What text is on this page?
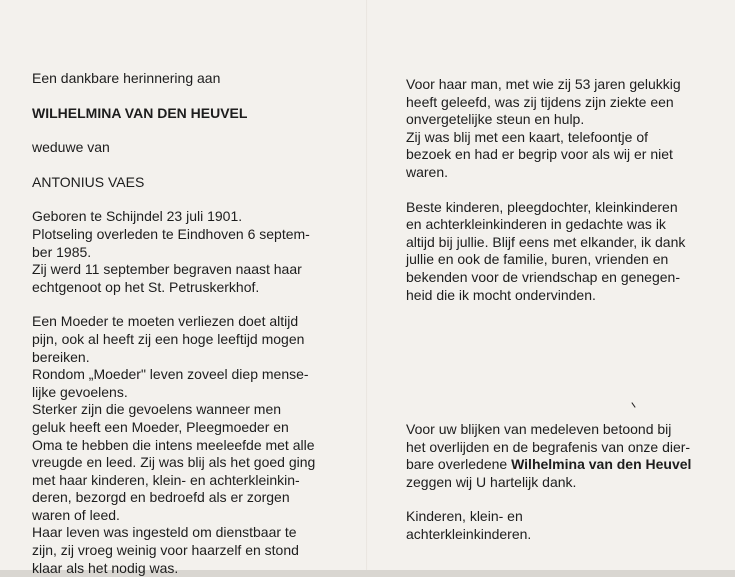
Een dankbare herinnering aan

WILHELMINA VAN DEN HEUVEL

weduwe van

ANTONIUS VAES

Geboren te Schijndel 23 juli 1901.

Plotseling overleden te Eindhoven 6 septem-

ber 1985.

Zij werd 11 september begraven naast haar

echtgenoot op het St. Petruskerkhof.

Een Moeder te moeten verliezen doet altijd

pijn, ook al heeft zij een hoge leeftijd mogen

bereiken.

Rondom „Moeder" leven zoveel diep mense-

lijke gevoelens.

Sterker zijn die gevoelens wanneer men

geluk heeft een Moeder, Pleegmoeder en

Oma te hebben die intens meeleefde met alle

vreugde en leed. Zij was blij als het goed ging

met haar kinderen, klein- en achterkleinkin-

deren, bezorgd en bedroefd als er zorgen

waren of leed.

Haar leven was ingesteld om dienstbaar te

zijn, zij vroeg weinig voor haarzelf en stond

klaar als het nodig was.

Voor haar man, met wie zij 53 jaren gelukkig

heeft geleefd, was zij tijdens zijn ziekte een

onvergetelijke steun en hulp.

Zij was blij met een kaart, telefoontje of

bezoek en had er begrip voor als wij er niet

waren.

Beste kinderen, pleegdochter, kleinkinderen

en achterkleinkinderen in gedachte was ik

altijd bij jullie. Blijf eens met elkander, ik dank

jullie en ook de familie, buren, vrienden en

bekenden voor de vriendschap en genegen-

heid die ik mocht ondervinden.

Voor uw blijken van medeleven betoond bij

het overlijden en de begrafenis van onze dier-

bare overledene Wilhelmina van den Heuvel

zeggen wij U hartelijk dank.

Kinderen, klein- en

achterkleinkinderen.
